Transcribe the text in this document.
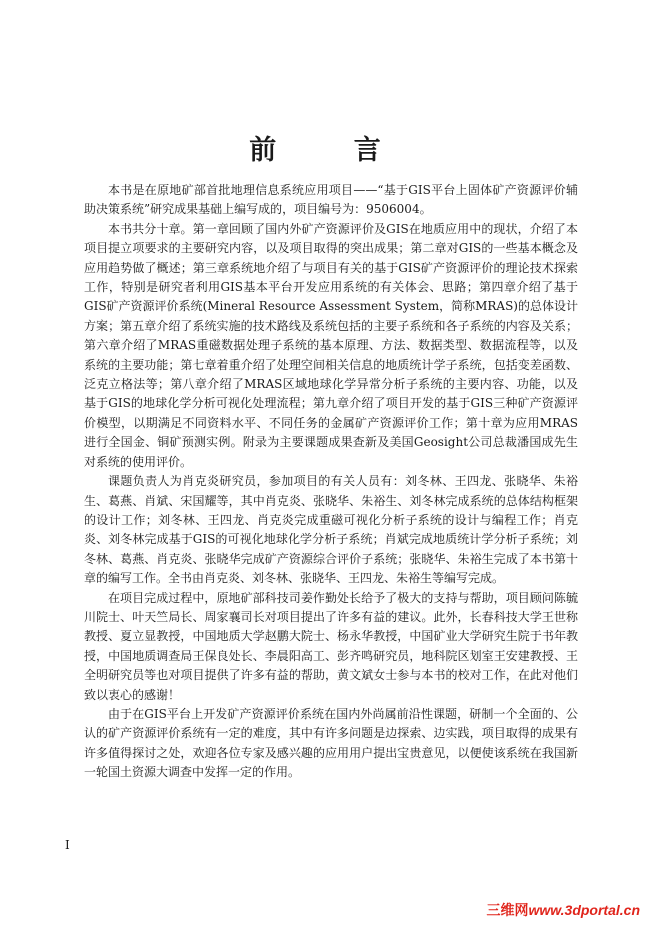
前 言

本书是在原地矿部首批地理信息系统应用项目——“基于GIS平台上固体矿产资源评价辅助决策系统”研究成果基础上编写成的，项目编号为：9506004。

本书共分十章。第一章回顾了国内外矿产资源评价及GIS在地质应用中的现状，介绍了本项目提立项要求的主要研究内容，以及项目取得的突出成果；第二章对GIS的一些基本概念及应用趋势做了概述；第三章系统地介绍了与项目有关的基于GIS矿产资源评价的理论技术探索工作，特别是研究者利用GIS基本平台开发应用系统的有关体会、思路；第四章介绍了基于GIS矿产资源评价系统(Mineral Resource Assessment System，简称MRAS)的总体设计方案；第五章介绍了系统实施的技术路线及系统包括的主要子系统和各子系统的内容及关系；第六章介绍了MRAS重磁数据处理子系统的基本原理、方法、数据类型、数据流程等，以及系统的主要功能；第七章着重介绍了处理空间相关信息的地质统计学子系统，包括变差函数、泛克立格法等；第八章介绍了MRAS区域地球化学异常分析子系统的主要内容、功能，以及基于GIS的地球化学分析可视化处理流程；第九章介绍了项目开发的基于GIS三种矿产资源评价模型，以期满足不同资料水平、不同任务的金属矿产资源评价工作；第十章为应用MRAS进行全国金、铜矿预测实例。附录为主要课题成果查新及美国Geosight公司总裁潘国成先生对系统的使用评价。

课题负责人为肖克炎研究员，参加项目的有关人员有：刘冬林、王四龙、张晓华、朱裕生、葛燕、肖斌、宋国耀等，其中肖克炎、张晓华、朱裕生、刘冬林完成系统的总体结构框架的设计工作；刘冬林、王四龙、肖克炎完成重磁可视化分析子系统的设计与编程工作；肖克炎、刘冬林完成基于GIS的可视化地球化学分析子系统；肖斌完成地质统计学分析子系统；刘冬林、葛燕、肖克炎、张晓华完成矿产资源综合评价子系统；张晓华、朱裕生完成了本书第十章的编写工作。全书由肖克炎、刘冬林、张晓华、王四龙、朱裕生等编写完成。

在项目完成过程中，原地矿部科技司姜作勤处长给予了极大的支持与帮助，项目顾问陈毓川院士、叶天竺局长、周家襄司长对项目提出了许多有益的建议。此外，长春科技大学王世称教授、夏立显教授，中国地质大学赵鹏大院士、杨永华教授，中国矿业大学研究生院于书年教授，中国地质调查局王保良处长、李晨阳高工、彭齐鸣研究员，地科院区划室王安建教授、王全明研究员等也对项目提供了许多有益的帮助，黄文斌女士参与本书的校对工作，在此对他们致以衷心的感谢！

由于在GIS平台上开发矿产资源评价系统在国内外尚属前沿性课题，研制一个全面的、公认的矿产资源评价系统有一定的难度，其中有许多问题是边探索、边实践，项目取得的成果有许多值得探讨之处，欢迎各位专家及感兴趣的应用用户提出宝贵意见，以便使该系统在我国新一轮国土资源大调查中发挥一定的作用。

I
三维网www.3dportal.cn
